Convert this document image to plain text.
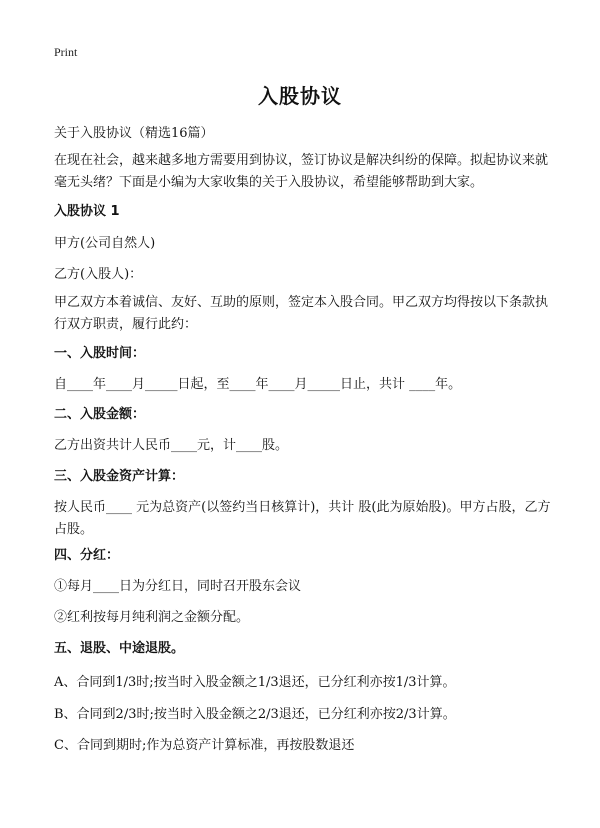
Print
入股协议
关于入股协议（精选16篇）
在现在社会，越来越多地方需要用到协议，签订协议是解决纠纷的保障。拟起协议来就毫无头绪？下面是小编为大家收集的关于入股协议，希望能够帮助到大家。
入股协议 1
甲方(公司自然人)
乙方(入股人)：
甲乙双方本着诚信、友好、互助的原则，签定本入股合同。甲乙双方均得按以下条款执行双方职责，履行此约：
一、入股时间：
自____年____月_____日起，至____年____月_____日止，共计 ____年。
二、入股金额：
乙方出资共计人民币____元，计____股。
三、入股金资产计算：
按人民币____ 元为总资产(以签约当日核算计)，共计 股(此为原始股)。甲方占股，乙方占股。
四、分红：
①每月____日为分红日，同时召开股东会议
②红利按每月纯利润之金额分配。
五、退股、中途退股。
A、合同到1/3时;按当时入股金额之1/3退还，已分红利亦按1/3计算。
B、合同到2/3时;按当时入股金额之2/3退还，已分红利亦按2/3计算。
C、合同到期时;作为总资产计算标准，再按股数退还
